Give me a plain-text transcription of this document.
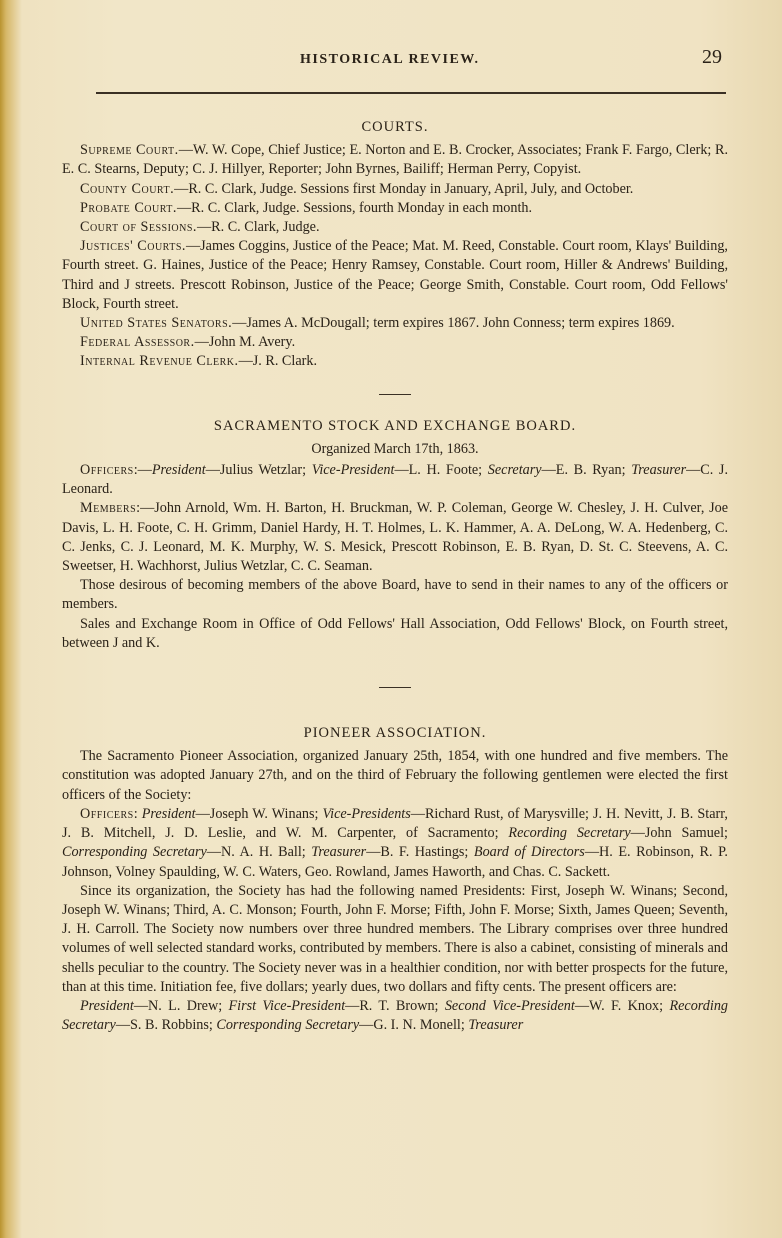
HISTORICAL REVIEW.	29
COURTS.

Supreme Court.—W. W. Cope, Chief Justice; E. Norton and E. B. Crocker, Associates; Frank F. Fargo, Clerk; R. E. C. Stearns, Deputy; C. J. Hillyer, Reporter; John Byrnes, Bailiff; Herman Perry, Copyist.

County Court.—R. C. Clark, Judge. Sessions first Monday in January, April, July, and October.

Probate Court.—R. C. Clark, Judge. Sessions, fourth Monday in each month.

Court of Sessions.—R. C. Clark, Judge.

Justices' Courts.—James Coggins, Justice of the Peace; Mat. M. Reed, Constable. Court room, Klays' Building, Fourth street. G. Haines, Justice of the Peace; Henry Ramsey, Constable. Court room, Hiller & Andrews' Building, Third and J streets. Prescott Robinson, Justice of the Peace; George Smith, Constable. Court room, Odd Fellows' Block, Fourth street.

United States Senators.—James A. McDougall; term expires 1867. John Conness; term expires 1869.

Federal Assessor.—John M. Avery.

Internal Revenue Clerk.—J. R. Clark.

SACRAMENTO STOCK AND EXCHANGE BOARD.
Organized March 17th, 1863.

Officers:—President—Julius Wetzlar; Vice-President—L. H. Foote; Secretary—E. B. Ryan; Treasurer—C. J. Leonard.

Members:—John Arnold, Wm. H. Barton, H. Bruckman, W. P. Coleman, George W. Chesley, J. H. Culver, Joe Davis, L. H. Foote, C. H. Grimm, Daniel Hardy, H. T. Holmes, L. K. Hammer, A. A. DeLong, W. A. Hedenberg, C. C. Jenks, C. J. Leonard, M. K. Murphy, W. S. Mesick, Prescott Robinson, E. B. Ryan, D. St. C. Steevens, A. C. Sweetser, H. Wachhorst, Julius Wetzlar, C. C. Seaman.

Those desirous of becoming members of the above Board, have to send in their names to any of the officers or members.

Sales and Exchange Room in Office of Odd Fellows' Hall Association, Odd Fellows' Block, on Fourth street, between J and K.

PIONEER ASSOCIATION.

The Sacramento Pioneer Association, organized January 25th, 1854, with one hundred and five members. The constitution was adopted January 27th, and on the third of February the following gentlemen were elected the first officers of the Society:

Officers: President—Joseph W. Winans; Vice-Presidents—Richard Rust, of Marysville; J. H. Nevitt, J. B. Starr, J. B. Mitchell, J. D. Leslie, and W. M. Carpenter, of Sacramento; Recording Secretary—John Samuel; Corresponding Secretary—N. A. H. Ball; Treasurer—B. F. Hastings; Board of Directors—H. E. Robinson, R. P. Johnson, Volney Spaulding, W. C. Waters, Geo. Rowland, James Haworth, and Chas. C. Sackett.

Since its organization, the Society has had the following named Presidents: First, Joseph W. Winans; Second, Joseph W. Winans; Third, A. C. Monson; Fourth, John F. Morse; Fifth, John F. Morse; Sixth, James Queen; Seventh, J. H. Carroll. The Society now numbers over three hundred members. The Library comprises over three hundred volumes of well selected standard works, contributed by members. There is also a cabinet, consisting of minerals and shells peculiar to the country. The Society never was in a healthier condition, nor with better prospects for the future, than at this time. Initiation fee, five dollars; yearly dues, two dollars and fifty cents. The present officers are:

President—N. L. Drew; First Vice-President—R. T. Brown; Second Vice-President—W. F. Knox; Recording Secretary—S. B. Robbins; Corresponding Secretary—G. I. N. Monell; Treasurer
